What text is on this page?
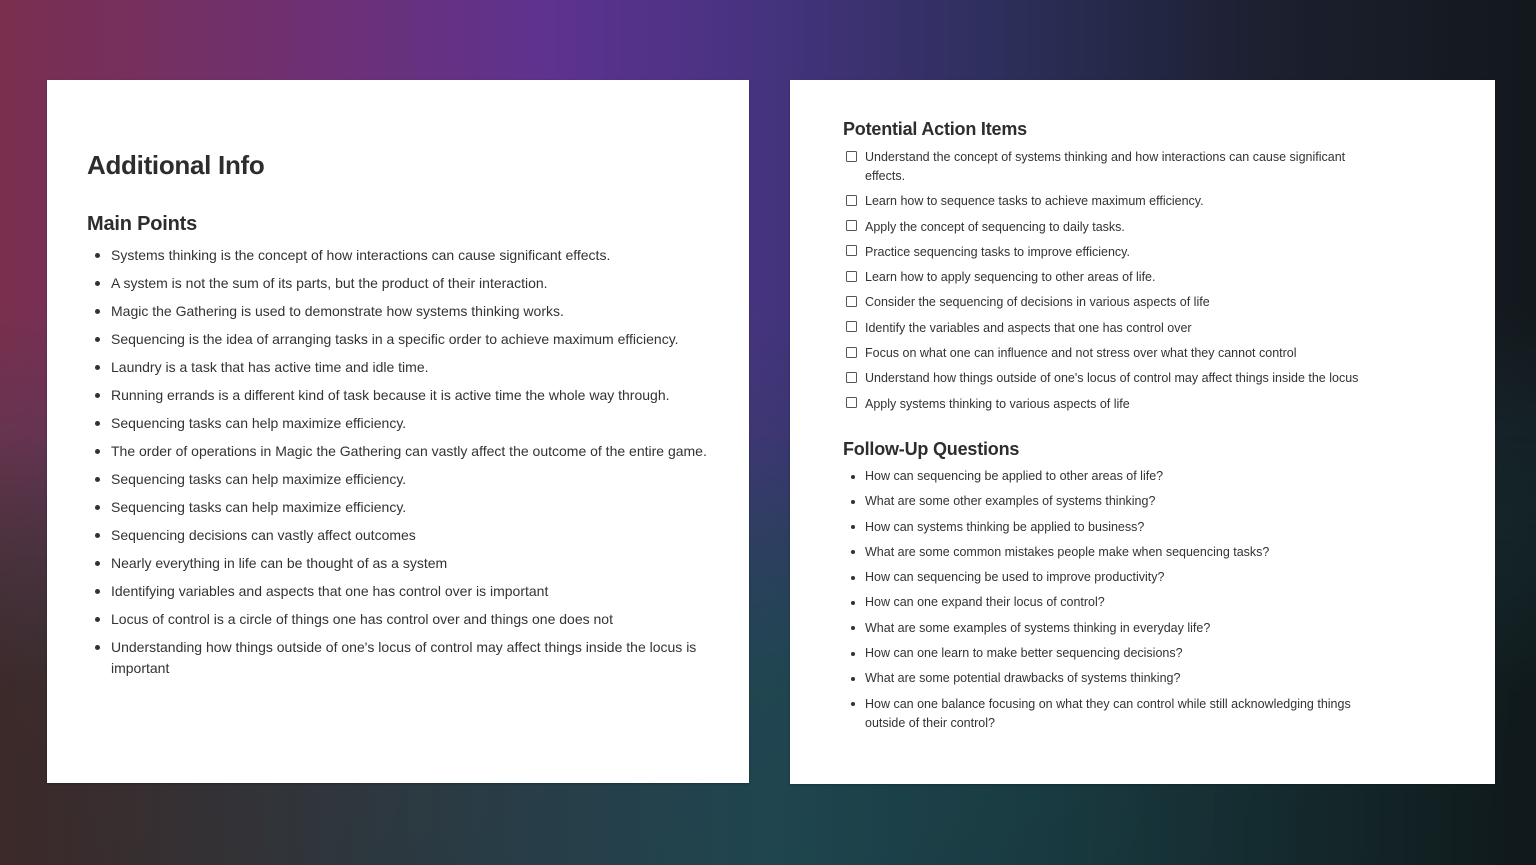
Additional Info
Main Points
Systems thinking is the concept of how interactions can cause significant effects.
A system is not the sum of its parts, but the product of their interaction.
Magic the Gathering is used to demonstrate how systems thinking works.
Sequencing is the idea of arranging tasks in a specific order to achieve maximum efficiency.
Laundry is a task that has active time and idle time.
Running errands is a different kind of task because it is active time the whole way through.
Sequencing tasks can help maximize efficiency.
The order of operations in Magic the Gathering can vastly affect the outcome of the entire game.
Sequencing tasks can help maximize efficiency.
Sequencing tasks can help maximize efficiency.
Sequencing decisions can vastly affect outcomes
Nearly everything in life can be thought of as a system
Identifying variables and aspects that one has control over is important
Locus of control is a circle of things one has control over and things one does not
Understanding how things outside of one's locus of control may affect things inside the locus is important
Potential Action Items
Understand the concept of systems thinking and how interactions can cause significant effects.
Learn how to sequence tasks to achieve maximum efficiency.
Apply the concept of sequencing to daily tasks.
Practice sequencing tasks to improve efficiency.
Learn how to apply sequencing to other areas of life.
Consider the sequencing of decisions in various aspects of life
Identify the variables and aspects that one has control over
Focus on what one can influence and not stress over what they cannot control
Understand how things outside of one's locus of control may affect things inside the locus
Apply systems thinking to various aspects of life
Follow-Up Questions
How can sequencing be applied to other areas of life?
What are some other examples of systems thinking?
How can systems thinking be applied to business?
What are some common mistakes people make when sequencing tasks?
How can sequencing be used to improve productivity?
How can one expand their locus of control?
What are some examples of systems thinking in everyday life?
How can one learn to make better sequencing decisions?
What are some potential drawbacks of systems thinking?
How can one balance focusing on what they can control while still acknowledging things outside of their control?
